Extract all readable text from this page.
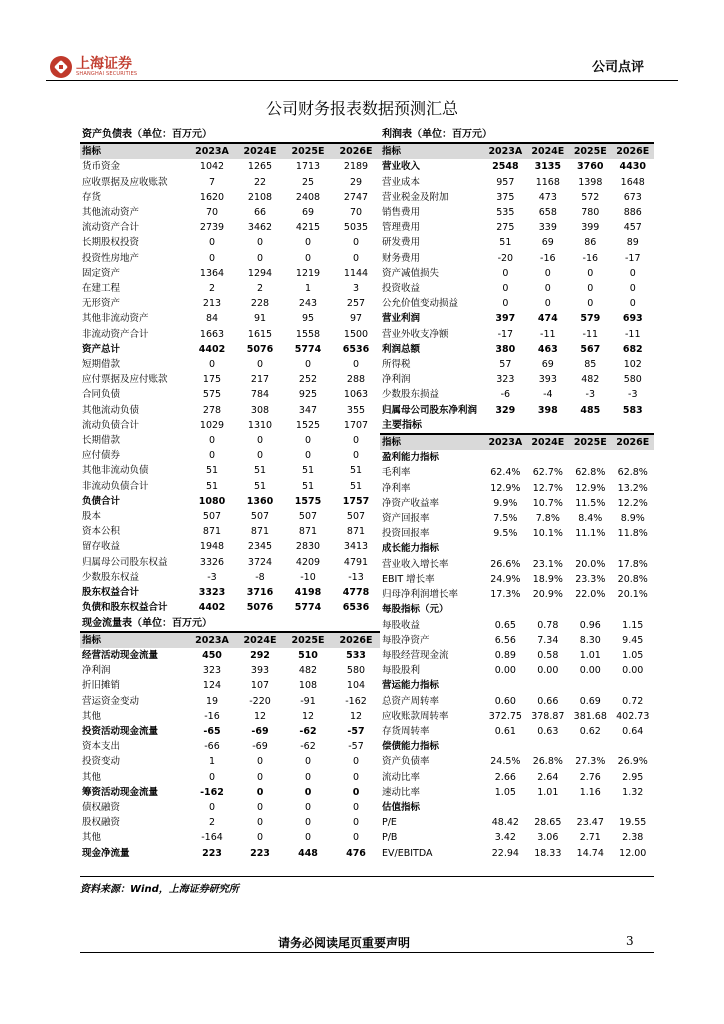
上海证券
SHANGHAI SECURITIES	公司点评
公司财务报表数据预测汇总
资产负债表（单位：百万元）				
指标	2023A	2024E	2025E	2026E
货币资金	1042	1265	1713	2189
应收票据及应收账款	7	22	25	29
存货	1620	2108	2408	2747
其他流动资产	70	66	69	70
流动资产合计	2739	3462	4215	5035
长期股权投资	0	0	0	0
投资性房地产	0	0	0	0
固定资产	1364	1294	1219	1144
在建工程	2	2	1	3
无形资产	213	228	243	257
其他非流动资产	84	91	95	97
非流动资产合计	1663	1615	1558	1500
资产总计	4402	5076	5774	6536
短期借款	0	0	0	0
应付票据及应付账款	175	217	252	288
合同负债	575	784	925	1063
其他流动负债	278	308	347	355
流动负债合计	1029	1310	1525	1707
长期借款	0	0	0	0
应付债券	0	0	0	0
其他非流动负债	51	51	51	51
非流动负债合计	51	51	51	51
负债合计	1080	1360	1575	1757
股本	507	507	507	507
资本公积	871	871	871	871
留存收益	1948	2345	2830	3413
归属母公司股东权益	3326	3724	4209	4791
少数股东权益	-3	-8	-10	-13
股东权益合计	3323	3716	4198	4778
负债和股东权益合计	4402	5076	5774	6536
现金流量表（单位：百万元）				
指标	2023A	2024E	2025E	2026E
经营活动现金流量	450	292	510	533
净利润	323	393	482	580
折旧摊销	124	107	108	104
营运资金变动	19	-220	-91	-162
其他	-16	12	12	12
投资活动现金流量	-65	-69	-62	-57
资本支出	-66	-69	-62	-57
投资变动	1	0	0	0
其他	0	0	0	0
筹资活动现金流量	-162	0	0	0
债权融资	0	0	0	0
股权融资	2	0	0	0
其他	-164	0	0	0
现金净流量	223	223	448	476
利润表（单位：百万元）				
指标	2023A	2024E	2025E	2026E
营业收入	2548	3135	3760	4430
营业成本	957	1168	1398	1648
营业税金及附加	375	473	572	673
销售费用	535	658	780	886
管理费用	275	339	399	457
研发费用	51	69	86	89
财务费用	-20	-16	-16	-17
资产减值损失	0	0	0	0
投资收益	0	0	0	0
公允价值变动损益	0	0	0	0
营业利润	397	474	579	693
营业外收支净额	-17	-11	-11	-11
利润总额	380	463	567	682
所得税	57	69	85	102
净利润	323	393	482	580
少数股东损益	-6	-4	-3	-3
归属母公司股东净利润	329	398	485	583
主要指标				
指标	2023A	2024E	2025E	2026E
盈利能力指标				
毛利率	62.4%	62.7%	62.8%	62.8%
净利率	12.9%	12.7%	12.9%	13.2%
净资产收益率	9.9%	10.7%	11.5%	12.2%
资产回报率	7.5%	7.8%	8.4%	8.9%
投资回报率	9.5%	10.1%	11.1%	11.8%
成长能力指标				
营业收入增长率	26.6%	23.1%	20.0%	17.8%
EBIT 增长率	24.9%	18.9%	23.3%	20.8%
归母净利润增长率	17.3%	20.9%	22.0%	20.1%
每股指标（元）				
每股收益	0.65	0.78	0.96	1.15
每股净资产	6.56	7.34	8.30	9.45
每股经营现金流	0.89	0.58	1.01	1.05
每股股利	0.00	0.00	0.00	0.00
营运能力指标				
总资产周转率	0.60	0.66	0.69	0.72
应收账款周转率	372.75	378.87	381.68	402.73
存货周转率	0.61	0.63	0.62	0.64
偿债能力指标				
资产负债率	24.5%	26.8%	27.3%	26.9%
流动比率	2.66	2.64	2.76	2.95
速动比率	1.05	1.01	1.16	1.32
估值指标				
P/E	48.42	28.65	23.47	19.55
P/B	3.42	3.06	2.71	2.38
EV/EBITDA	22.94	18.33	14.74	12.00
资料来源：Wind，上海证券研究所
请务必阅读尾页重要声明	3
